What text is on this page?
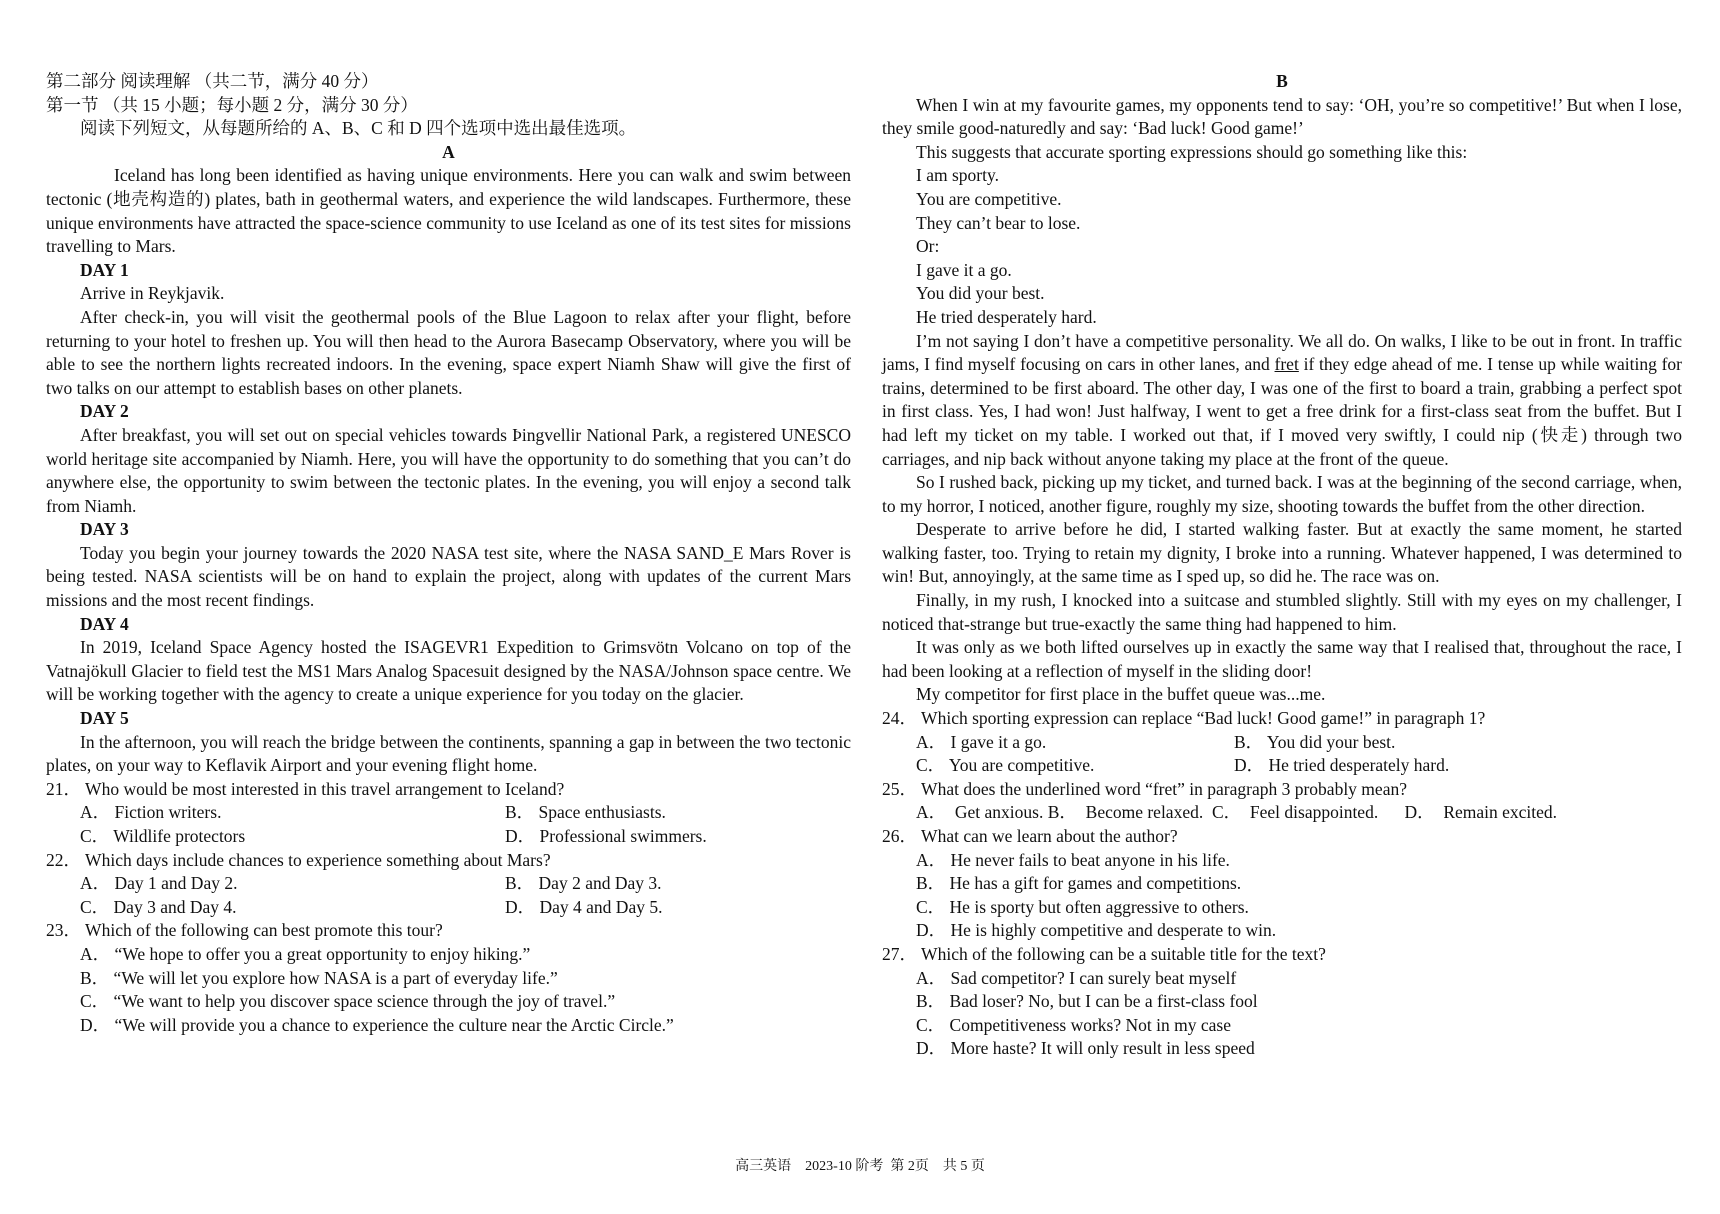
第二部分 阅读理解 （共二节，满分 40 分）

第一节 （共 15 小题；每小题 2 分，满分 30 分）

阅读下列短文，从每题所给的 A、B、C 和 D 四个选项中选出最佳选项。

A

Iceland has long been identified as having unique environments. Here you can walk and swim between tectonic (地壳构造的) plates, bath in geothermal waters, and experience the wild landscapes. Furthermore, these unique environments have attracted the space-science community to use Iceland as one of its test sites for missions travelling to Mars.

DAY 1

Arrive in Reykjavik.

After check-in, you will visit the geothermal pools of the Blue Lagoon to relax after your flight, before returning to your hotel to freshen up. You will then head to the Aurora Basecamp Observatory, where you will be able to see the northern lights recreated indoors. In the evening, space expert Niamh Shaw will give the first of two talks on our attempt to establish bases on other planets.

DAY 2

After breakfast, you will set out on special vehicles towards Þingvellir National Park, a registered UNESCO world heritage site accompanied by Niamh. Here, you will have the opportunity to do something that you can’t do anywhere else, the opportunity to swim between the tectonic plates. In the evening, you will enjoy a second talk from Niamh.

DAY 3

Today you begin your journey towards the 2020 NASA test site, where the NASA SAND_E Mars Rover is being tested. NASA scientists will be on hand to explain the project, along with updates of the current Mars missions and the most recent findings.

DAY 4

In 2019, Iceland Space Agency hosted the ISAGEVR1 Expedition to Grimsvötn Volcano on top of the Vatnajökull Glacier to field test the MS1 Mars Analog Spacesuit designed by the NASA/Johnson space centre. We will be working together with the agency to create a unique experience for you today on the glacier.

DAY 5

In the afternoon, you will reach the bridge between the continents, spanning a gap in between the two tectonic plates, on your way to Keflavik Airport and your evening flight home.

21． Who would be most interested in this travel arrangement to Iceland?

A． Fiction writers.	B． Space enthusiasts.
C． Wildlife protectors	D． Professional swimmers.

22． Which days include chances to experience something about Mars?

A． Day 1 and Day 2.	B． Day 2 and Day 3.
C． Day 3 and Day 4.	D． Day 4 and Day 5.

23． Which of the following can best promote this tour?

A． “We hope to offer you a great opportunity to enjoy hiking.”

B． “We will let you explore how NASA is a part of everyday life.”

C． “We want to help you discover space science through the joy of travel.”

D． “We will provide you a chance to experience the culture near the Arctic Circle.”

B

When I win at my favourite games, my opponents tend to say: ‘OH, you’re so competitive!’ But when I lose, they smile good-naturedly and say: ‘Bad luck! Good game!’

This suggests that accurate sporting expressions should go something like this:

I am sporty.

You are competitive.

They can’t bear to lose.

Or:

I gave it a go.

You did your best.

He tried desperately hard.

I’m not saying I don’t have a competitive personality. We all do. On walks, I like to be out in front. In traffic jams, I find myself focusing on cars in other lanes, and fret if they edge ahead of me. I tense up while waiting for trains, determined to be first aboard. The other day, I was one of the first to board a train, grabbing a perfect spot in first class. Yes, I had won! Just halfway, I went to get a free drink for a first-class seat from the buffet. But I had left my ticket on my table. I worked out that, if I moved very swiftly, I could nip (快走) through two carriages, and nip back without anyone taking my place at the front of the queue.

So I rushed back, picking up my ticket, and turned back. I was at the beginning of the second carriage, when, to my horror, I noticed, another figure, roughly my size, shooting towards the buffet from the other direction.

Desperate to arrive before he did, I started walking faster. But at exactly the same moment, he started walking faster, too. Trying to retain my dignity, I broke into a running. Whatever happened, I was determined to win! But, annoyingly, at the same time as I sped up, so did he. The race was on.

Finally, in my rush, I knocked into a suitcase and stumbled slightly. Still with my eyes on my challenger, I noticed that-strange but true-exactly the same thing had happened to him.

It was only as we both lifted ourselves up in exactly the same way that I realised that, throughout the race, I had been looking at a reflection of myself in the sliding door!

My competitor for first place in the buffet queue was...me.

24． Which sporting expression can replace “Bad luck! Good game!” in paragraph 1?

A． I gave it a go.	B． You did your best.
C． You are competitive.	D． He tried desperately hard.

25． What does the underlined word “fret” in paragraph 3 probably mean?

A．  Get anxious. B．  Become relaxed.  C．  Feel disappointed.      D．  Remain excited.

26． What can we learn about the author?

A． He never fails to beat anyone in his life.

B． He has a gift for games and competitions.

C． He is sporty but often aggressive to others.

D． He is highly competitive and desperate to win.

27． Which of the following can be a suitable title for the text?

A． Sad competitor? I can surely beat myself

B． Bad loser? No, but I can be a first-class fool

C． Competitiveness works? Not in my case

D． More haste? It will only result in less speed

高三英语    2023-10 阶考  第 2页    共 5 页
